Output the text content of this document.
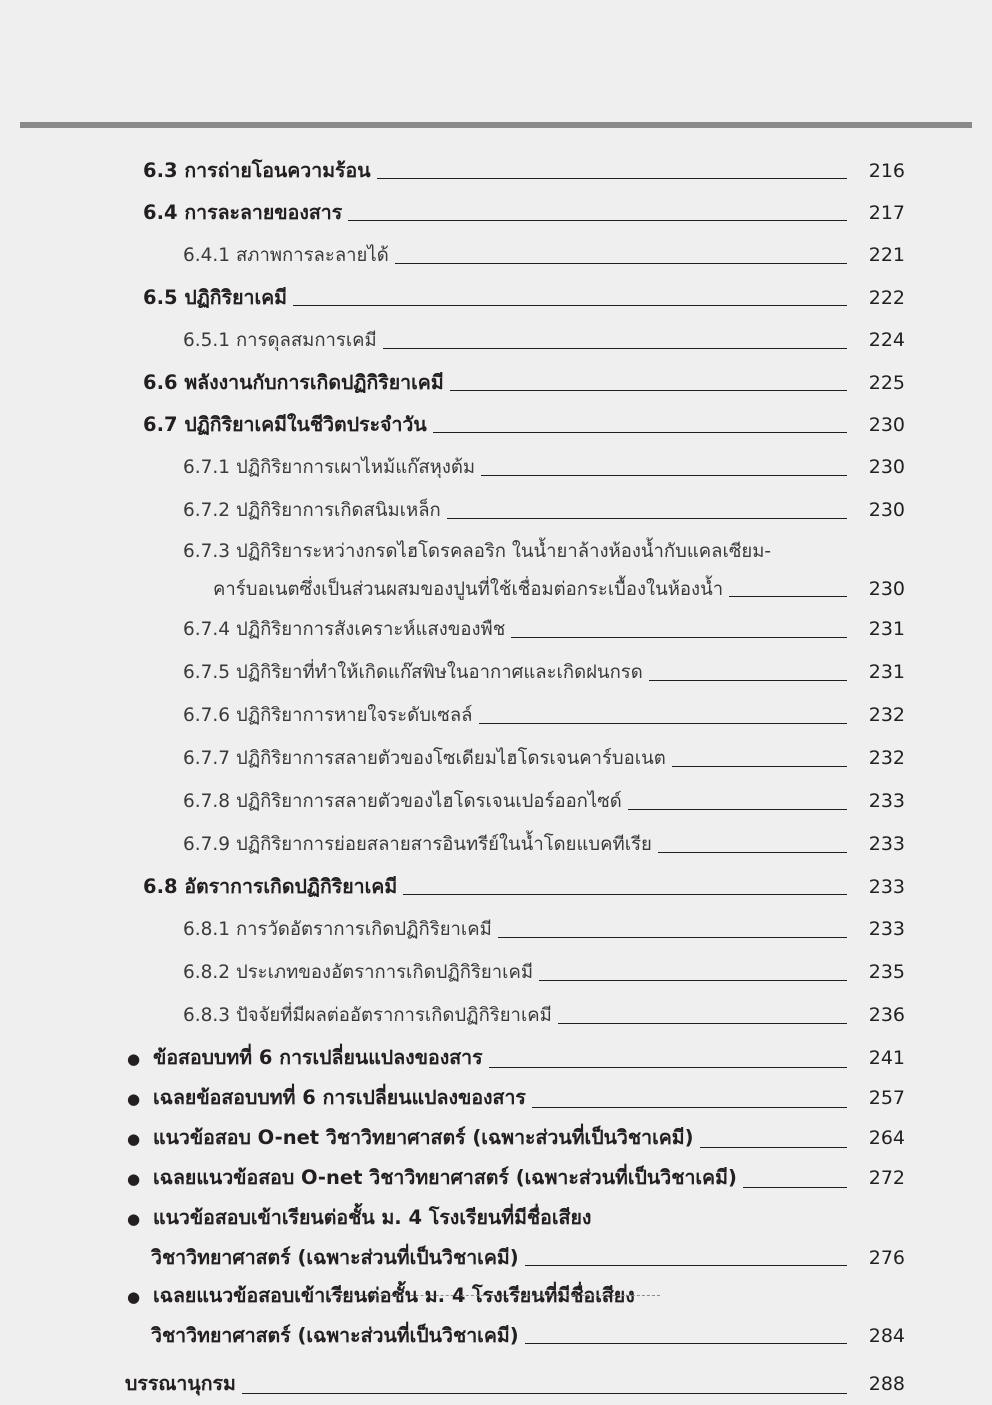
6.3 การถ่ายโอนความร้อน	216
6.4 การละลายของสาร	217
6.4.1 สภาพการละลายได้	221
6.5 ปฏิกิริยาเคมี	222
6.5.1 การดุลสมการเคมี	224
6.6 พลังงานกับการเกิดปฏิกิริยาเคมี	225
6.7 ปฏิกิริยาเคมีในชีวิตประจำวัน	230
6.7.1 ปฏิกิริยาการเผาไหม้แก๊สหุงต้ม	230
6.7.2 ปฏิกิริยาการเกิดสนิมเหล็ก	230
6.7.3 ปฏิกิริยาระหว่างกรดไฮโดรคลอริก ในน้ำยาล้างห้องน้ำกับแคลเซียม-
คาร์บอเนตซึ่งเป็นส่วนผสมของปูนที่ใช้เชื่อมต่อกระเบื้องในห้องน้ำ	230
6.7.4 ปฏิกิริยาการสังเคราะห์แสงของพืช	231
6.7.5 ปฏิกิริยาที่ทำให้เกิดแก๊สพิษในอากาศและเกิดฝนกรด	231
6.7.6 ปฏิกิริยาการหายใจระดับเซลล์	232
6.7.7 ปฏิกิริยาการสลายตัวของโซเดียมไฮโดรเจนคาร์บอเนต	232
6.7.8 ปฏิกิริยาการสลายตัวของไฮโดรเจนเปอร์ออกไซด์	233
6.7.9 ปฏิกิริยาการย่อยสลายสารอินทรีย์ในน้ำโดยแบคทีเรีย	233
6.8 อัตราการเกิดปฏิกิริยาเคมี	233
6.8.1 การวัดอัตราการเกิดปฏิกิริยาเคมี	233
6.8.2 ประเภทของอัตราการเกิดปฏิกิริยาเคมี	235
6.8.3 ปัจจัยที่มีผลต่ออัตราการเกิดปฏิกิริยาเคมี	236
● ข้อสอบบทที่ 6 การเปลี่ยนแปลงของสาร	241
● เฉลยข้อสอบบทที่ 6 การเปลี่ยนแปลงของสาร	257
● แนวข้อสอบ O-net วิชาวิทยาศาสตร์ (เฉพาะส่วนที่เป็นวิชาเคมี)	264
● เฉลยแนวข้อสอบ O-net วิชาวิทยาศาสตร์ (เฉพาะส่วนที่เป็นวิชาเคมี)	272
● แนวข้อสอบเข้าเรียนต่อชั้น ม. 4 โรงเรียนที่มีชื่อเสียง
วิชาวิทยาศาสตร์ (เฉพาะส่วนที่เป็นวิชาเคมี)	276
● เฉลยแนวข้อสอบเข้าเรียนต่อชั้น ม. 4 โรงเรียนที่มีชื่อเสียง
วิชาวิทยาศาสตร์ (เฉพาะส่วนที่เป็นวิชาเคมี)	284
บรรณานุกรม	288
